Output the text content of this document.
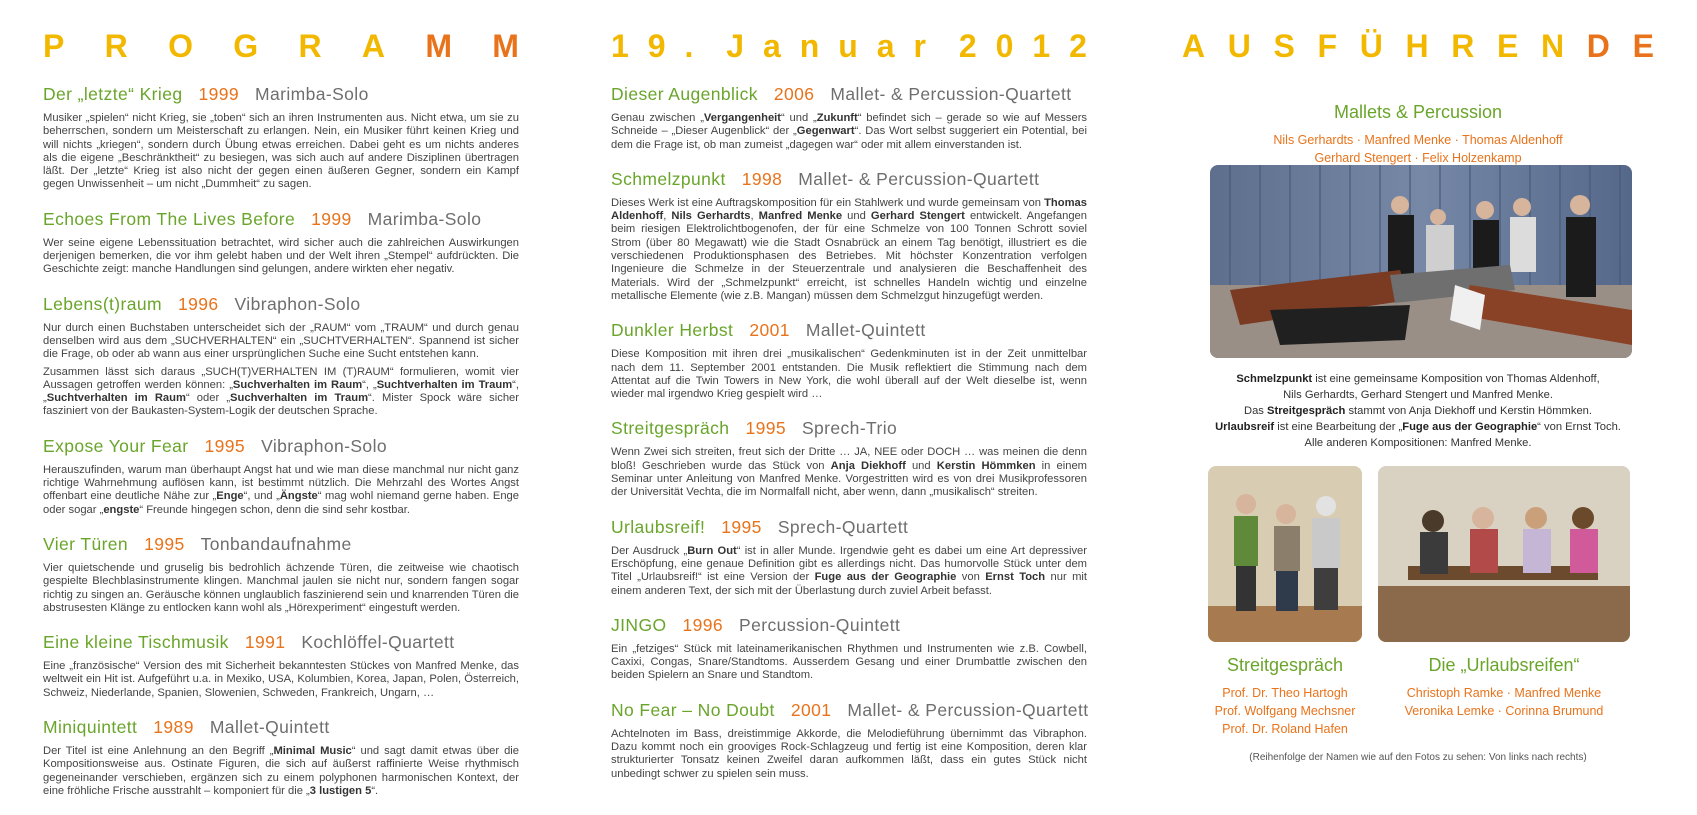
P R O G R A M M
Der „letzte“ Krieg 1999 Marimba-Solo

Musiker „spielen“ nicht Krieg, sie „toben“ sich an ihren Instrumenten aus. Nicht etwa, um sie zu beherrschen, sondern um Meisterschaft zu erlangen. Nein, ein Musiker führt keinen Krieg und will nichts „kriegen“, sondern durch Übung etwas erreichen. Dabei geht es um nichts anderes als die eigene „Beschränktheit“ zu besiegen, was sich auch auf andere Disziplinen übertragen läßt. Der „letzte“ Krieg ist also nicht der gegen einen äußeren Gegner, sondern ein Kampf gegen Unwissenheit – um nicht „Dummheit“ zu sagen.

Echoes From The Lives Before 1999 Marimba-Solo

Wer seine eigene Lebenssituation betrachtet, wird sicher auch die zahlreichen Auswirkungen derjenigen bemerken, die vor ihm gelebt haben und der Welt ihren „Stempel“ aufdrückten. Die Geschichte zeigt: manche Handlungen sind gelungen, andere wirkten eher negativ.

Lebens(t)raum 1996 Vibraphon-Solo

Nur durch einen Buchstaben unterscheidet sich der „RAUM“ vom „TRAUM“ und durch genau denselben wird aus dem „SUCHVERHALTEN“ ein „SUCHTVERHALTEN“. Spannend ist sicher die Frage, ob oder ab wann aus einer ursprünglichen Suche eine Sucht entstehen kann.

Zusammen lässt sich daraus „SUCH(T)VERHALTEN IM (T)RAUM“ formulieren, womit vier Aussagen getroffen werden können: „Suchverhalten im Raum“, „Suchtverhalten im Traum“, „Suchtverhalten im Raum“ oder „Suchverhalten im Traum“. Mister Spock wäre sicher fasziniert von der Baukasten-System-Logik der deutschen Sprache.

Expose Your Fear 1995 Vibraphon-Solo

Herauszufinden, warum man überhaupt Angst hat und wie man diese manchmal nur nicht ganz richtige Wahrnehmung auflösen kann, ist bestimmt nützlich. Die Mehrzahl des Wortes Angst offenbart eine deutliche Nähe zur „Enge“, und „Ängste“ mag wohl niemand gerne haben. Enge oder sogar „engste“ Freunde hingegen schon, denn die sind sehr kostbar.

Vier Türen 1995 Tonbandaufnahme

Vier quietschende und gruselig bis bedrohlich ächzende Türen, die zeitweise wie chaotisch gespielte Blechblasinstrumente klingen. Manchmal jaulen sie nicht nur, sondern fangen sogar richtig zu singen an. Geräusche können unglaublich faszinierend sein und knarrenden Türen die abstrusesten Klänge zu entlocken kann wohl als „Hörexperiment“ eingestuft werden.

Eine kleine Tischmusik 1991 Kochlöffel-Quartett

Eine „französische“ Version des mit Sicherheit bekanntesten Stückes von Manfred Menke, das weltweit ein Hit ist. Aufgeführt u.a. in Mexiko, USA, Kolumbien, Korea, Japan, Polen, Österreich, Schweiz, Niederlande, Spanien, Slowenien, Schweden, Frankreich, Ungarn, …

Miniquintett 1989 Mallet-Quintett

Der Titel ist eine Anlehnung an den Begriff „Minimal Music“ und sagt damit etwas über die Kompositionsweise aus. Ostinate Figuren, die sich auf äußerst raffinierte Weise rhythmisch gegeneinander verschieben, ergänzen sich zu einem polyphonen harmonischen Kontext, der eine fröhliche Frische ausstrahlt – komponiert für die „3 lustigen 5“.

1 9 . J a n u a r 2 0 1 2
Dieser Augenblick 2006 Mallet- & Percussion-Quartett

Genau zwischen „Vergangenheit“ und „Zukunft“ befindet sich – gerade so wie auf Messers Schneide – „Dieser Augenblick“ der „Gegenwart“. Das Wort selbst suggeriert ein Potential, bei dem die Frage ist, ob man zumeist „dagegen war“ oder mit allem einverstanden ist.

Schmelzpunkt 1998 Mallet- & Percussion-Quartett

Dieses Werk ist eine Auftragskomposition für ein Stahlwerk und wurde gemeinsam von Thomas Aldenhoff, Nils Gerhardts, Manfred Menke und Gerhard Stengert entwickelt. Angefangen beim riesigen Elektrolichtbogenofen, der für eine Schmelze von 100 Tonnen Schrott soviel Strom (über 80 Megawatt) wie die Stadt Osnabrück an einem Tag benötigt, illustriert es die verschiedenen Produktionsphasen des Betriebes. Mit höchster Konzentration verfolgen Ingenieure die Schmelze in der Steuerzentrale und analysieren die Beschaffenheit des Materials. Wird der „Schmelzpunkt“ erreicht, ist schnelles Handeln wichtig und einzelne metallische Elemente (wie z.B. Mangan) müssen dem Schmelzgut hinzugefügt werden.

Dunkler Herbst 2001 Mallet-Quintett

Diese Komposition mit ihren drei „musikalischen“ Gedenkminuten ist in der Zeit unmittelbar nach dem 11. September 2001 entstanden. Die Musik reflektiert die Stimmung nach dem Attentat auf die Twin Towers in New York, die wohl überall auf der Welt dieselbe ist, wenn wieder mal irgendwo Krieg gespielt wird …

Streitgespräch 1995 Sprech-Trio

Wenn Zwei sich streiten, freut sich der Dritte … JA, NEE oder DOCH … was meinen die denn bloß! Geschrieben wurde das Stück von Anja Diekhoff und Kerstin Hömmken in einem Seminar unter Anleitung von Manfred Menke. Vorgestritten wird es von drei Musikprofessoren der Universität Vechta, die im Normalfall nicht, aber wenn, dann „musikalisch“ streiten.

Urlaubsreif! 1995 Sprech-Quartett

Der Ausdruck „Burn Out“ ist in aller Munde. Irgendwie geht es dabei um eine Art depressiver Erschöpfung, eine genaue Definition gibt es allerdings nicht. Das humorvolle Stück unter dem Titel „Urlaubsreif!“ ist eine Version der Fuge aus der Geographie von Ernst Toch nur mit einem anderen Text, der sich mit der Überlastung durch zuviel Arbeit befasst.

JINGO 1996 Percussion-Quintett

Ein „fetziges“ Stück mit lateinamerikanischen Rhythmen und Instrumenten wie z.B. Cowbell, Caxixi, Congas, Snare/Standtoms. Ausserdem Gesang und einer Drumbattle zwischen den beiden Spielern an Snare und Standtom.

No Fear – No Doubt 2001 Mallet- & Percussion-Quartett

Achtelnoten im Bass, dreistimmige Akkorde, die Melodieführung übernimmt das Vibraphon. Dazu kommt noch ein grooviges Rock-Schlagzeug und fertig ist eine Komposition, deren klar strukturierter Tonsatz keinen Zweifel daran aufkommen läßt, dass ein gutes Stück nicht unbedingt schwer zu spielen sein muss.

A U S F Ü H R E N D E
Mallets & Percussion
Nils Gerhardts · Manfred Menke · Thomas Aldenhoff
Gerhard Stengert · Felix Holzenkamp
Schmelzpunkt ist eine gemeinsame Komposition von Thomas Aldenhoff,
Nils Gerhardts, Gerhard Stengert und Manfred Menke.
Das Streitgespräch stammt von Anja Diekhoff und Kerstin Hömmken.
Urlaubsreif ist eine Bearbeitung der „Fuge aus der Geographie“ von Ernst Toch.
Alle anderen Kompositionen: Manfred Menke.
Streitgespräch
Prof. Dr. Theo Hartogh
Prof. Wolfgang Mechsner
Prof. Dr. Roland Hafen
Die „Urlaubsreifen“
Christoph Ramke · Manfred Menke
Veronika Lemke · Corinna Brumund
(Reihenfolge der Namen wie auf den Fotos zu sehen: Von links nach rechts)
